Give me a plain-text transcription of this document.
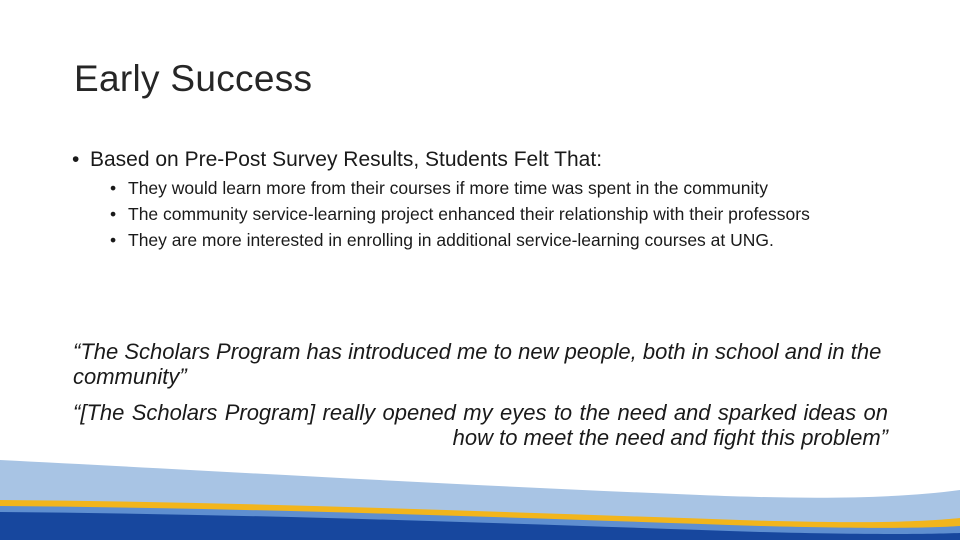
Early Success
• Based on Pre-Post Survey Results, Students Felt That:
• They would learn more from their courses if more time was spent in the community
• The community service-learning project enhanced their relationship with their professors
• They are more interested in enrolling in additional service-learning courses at UNG.
“The Scholars Program has introduced me to new people, both in school and in the community”
“[The Scholars Program] really opened my eyes to the need and sparked ideas on how to meet the need and fight this problem”
